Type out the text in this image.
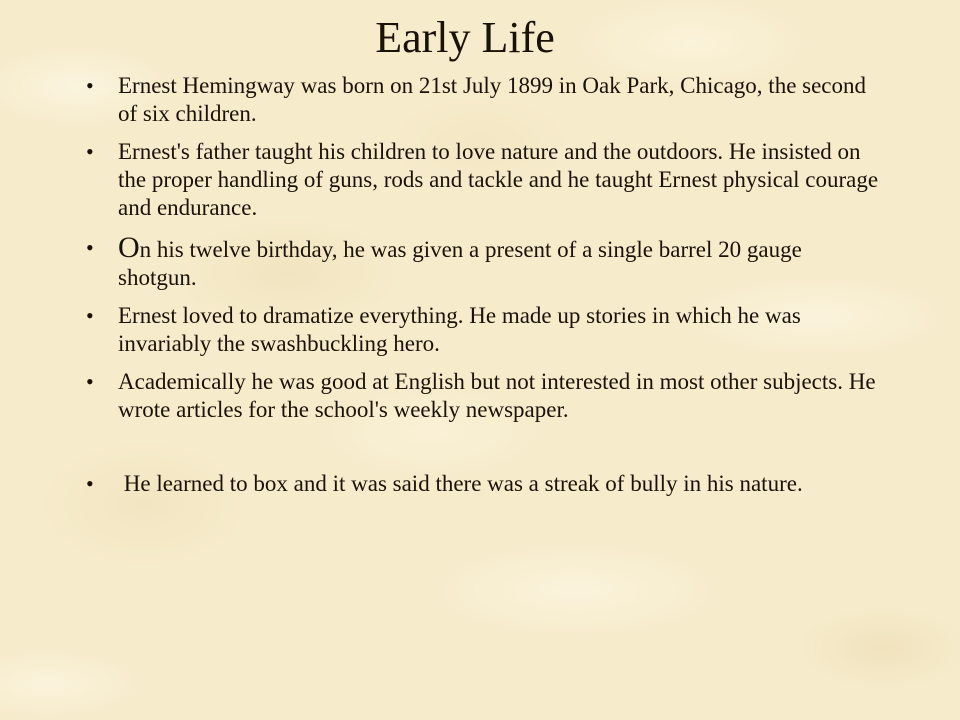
Early Life
• Ernest Hemingway was born on 21st July 1899 in Oak Park, Chicago, the second of six children.
• Ernest's father taught his children to love nature and the outdoors. He insisted on the proper handling of guns, rods and tackle and he taught Ernest physical courage and endurance.
• On his twelve birthday, he was given a present of a single barrel 20 gauge shotgun.
• Ernest loved to dramatize everything. He made up stories in which he was invariably the swashbuckling hero.
• Academically he was good at English but not interested in most other subjects. He wrote articles for the school's weekly newspaper.
• He learned to box and it was said there was a streak of bully in his nature.
